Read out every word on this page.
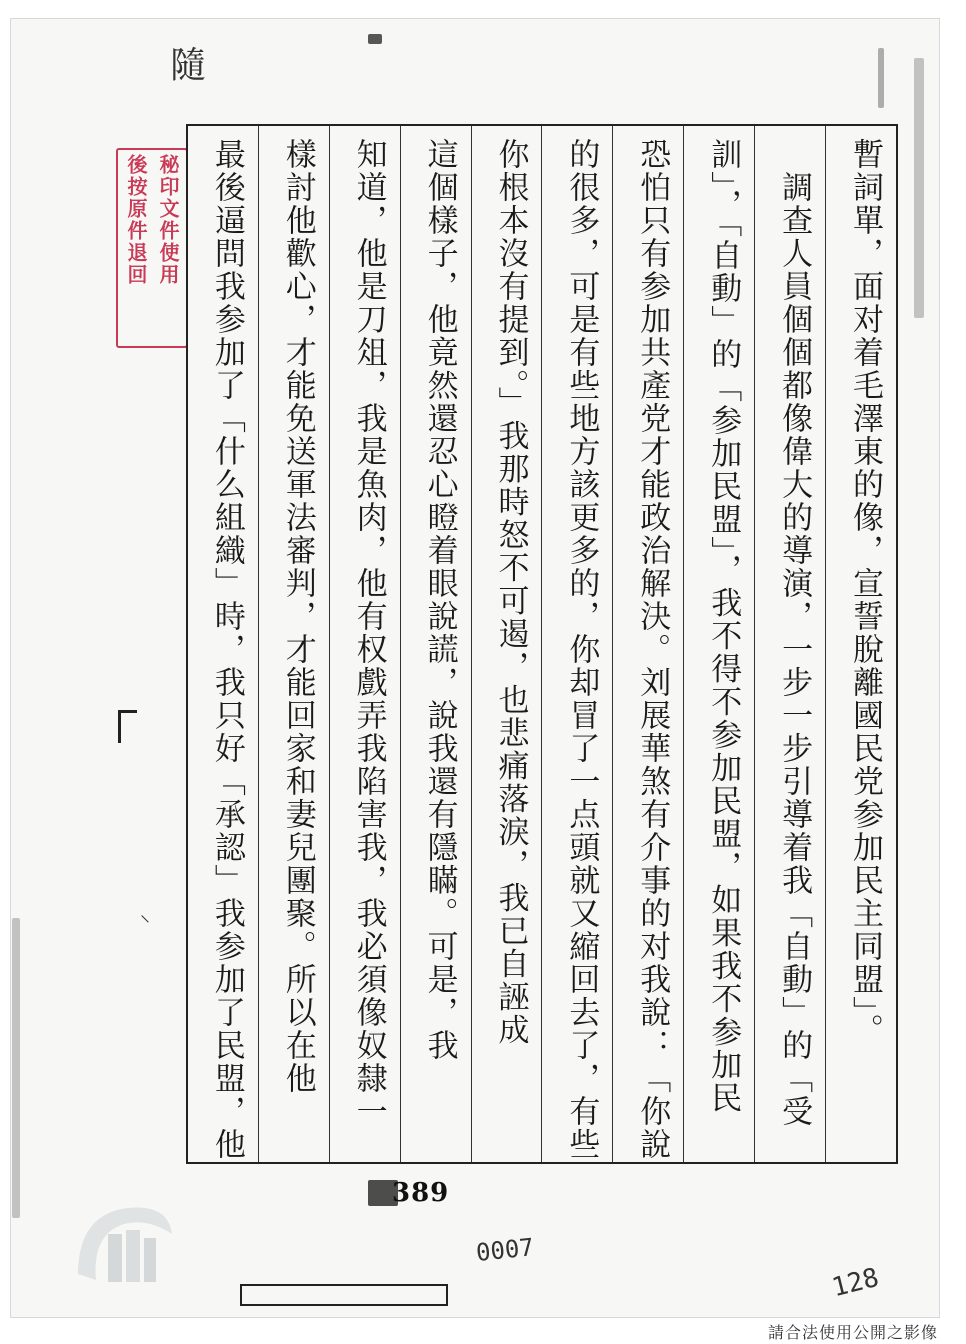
隨
秘印文件使用
後按原件退回	暫詞單，面对着毛澤東的像，宣誓脫離國民党参加民主同盟」。
　調查人員個個都像偉大的導演，一步一步引導着我「自動」的「受
訓」，「自動」的「参加民盟」，我不得不参加民盟，如果我不参加民
恐怕只有参加共產党才能政治解決。刘展華煞有介事的对我說：「你說
的很多，可是有些地方該更多的，你却冒了一点頭就又縮回去了，有些
你根本沒有提到。」我那時怒不可遏，也悲痛落淚，我已自誣成
這個樣子，他竟然還忍心瞪着眼說謊，說我還有隱瞞。可是，我
知道，他是刀俎，我是魚肉，他有权戲弄我陷害我，我必須像奴隸一
樣討他歡心，才能免送軍法審判，才能回家和妻兒團聚。所以在他
最後逼問我参加了「什么組織」時，我只好「承認」我参加了民盟，他
⸜
389
0007
128
請合法使用公開之影像
